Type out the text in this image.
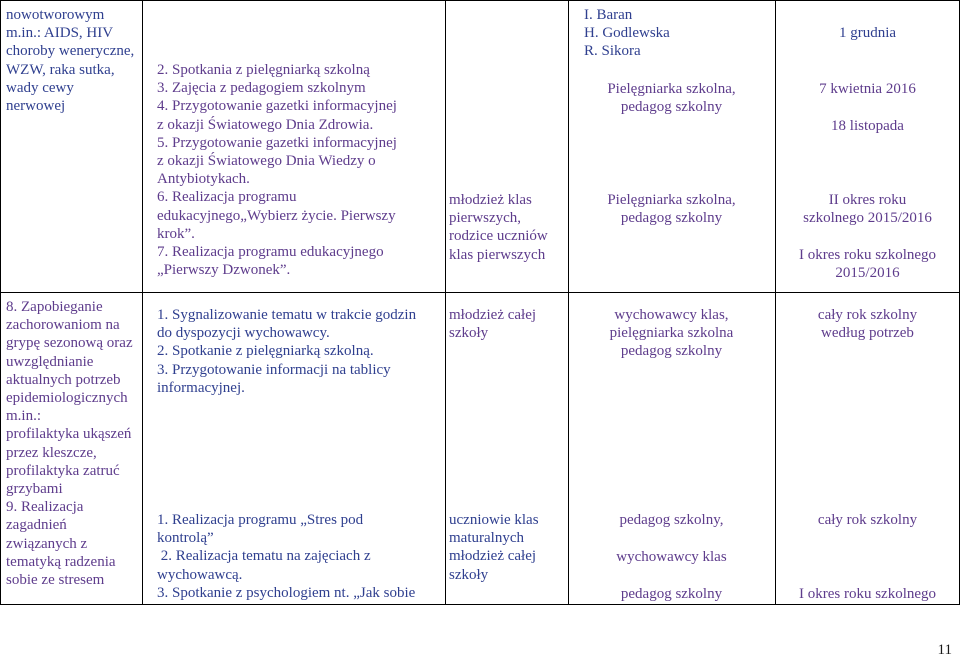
nowotworowym
m.in.: AIDS, HIV
choroby weneryczne,
WZW, raka sutka,
wady cewy
nerwowej
2. Spotkania z pielęgniarką szkolną
3. Zajęcia z pedagogiem szkolnym
4. Przygotowanie gazetki informacyjnej
z okazji Światowego Dnia Zdrowia.
5. Przygotowanie gazetki informacyjnej
z okazji Światowego Dnia Wiedzy o
Antybiotykach.
6. Realizacja programu
edukacyjnego„Wybierz życie. Pierwszy
krok”.
7. Realizacja programu edukacyjnego
„Pierwszy Dzwonek”.
młodzież klas
pierwszych,
rodzice uczniów
klas pierwszych
I. Baran
H. Godlewska
R. Sikora
Pielęgniarka szkolna,
pedagog szkolny
Pielęgniarka szkolna,
pedagog szkolny
1 grudnia
7 kwietnia 2016
18 listopada
II okres roku
szkolnego 2015/2016
I okres roku szkolnego
2015/2016
8. Zapobieganie
zachorowaniom na
grypę sezonową oraz
uwzględnianie
aktualnych potrzeb
epidemiologicznych
m.in.:
profilaktyka ukąszeń
przez kleszcze,
profilaktyka zatruć
grzybami
9. Realizacja
zagadnień
związanych z
tematyką radzenia
sobie ze stresem
1. Sygnalizowanie tematu w trakcie godzin
do dyspozycji wychowawcy.
2. Spotkanie z pielęgniarką szkolną.
3. Przygotowanie informacji na tablicy
informacyjnej.
1. Realizacja programu „Stres pod
kontrolą”
2. Realizacja tematu na zajęciach z
wychowawcą.
3. Spotkanie z psychologiem nt. „Jak sobie
młodzież całej
szkoły
uczniowie klas
maturalnych
młodzież całej
szkoły
wychowawcy klas,
pielęgniarka szkolna
pedagog szkolny
pedagog szkolny,
wychowawcy klas
pedagog szkolny
cały rok szkolny
według potrzeb
cały rok szkolny
I okres roku szkolnego
11
